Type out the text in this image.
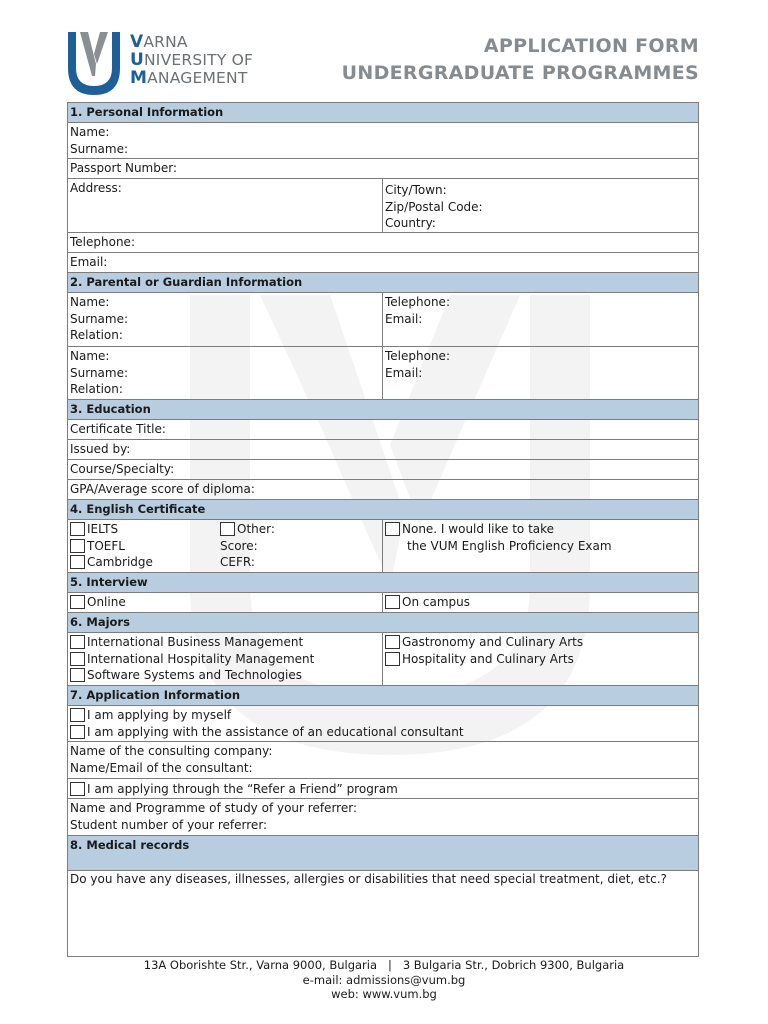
VARNA
UNIVERSITY OF
MANAGEMENT
APPLICATION FORM
UNDERGRADUATE PROGRAMMES
1. Personal Information
Name:
Surname:
Passport Number:
Address:	City/Town:
Zip/Postal Code:
Country:
Telephone:
Email:
2. Parental or Guardian Information
Name:
Surname:
Relation:
Telephone:
Email:
Name:
Surname:
Relation:
Telephone:
Email:
3. Education
Certificate Title:
Issued by:
Course/Specialty:
GPA/Average score of diploma:
4. English Certificate
IELTS
TOEFL
Cambridge
Other:
Score:
CEFR:
None. I would like to take
the VUM English Proficiency Exam
5. Interview
Online	On campus
6. Majors
International Business Management
International Hospitality Management
Software Systems and Technologies
Gastronomy and Culinary Arts
Hospitality and Culinary Arts
7. Application Information
I am applying by myself
I am applying with the assistance of an educational consultant
Name of the consulting company:
Name/Email of the consultant:
I am applying through the “Refer a Friend” program
Name and Programme of study of your referrer:
Student number of your referrer:
8. Medical records
Do you have any diseases, illnesses, allergies or disabilities that need special treatment, diet, etc.?
13A Oborishte Str., Varna 9000, Bulgaria   |   3 Bulgaria Str., Dobrich 9300, Bulgaria
e-mail: admissions@vum.bg
web: www.vum.bg
